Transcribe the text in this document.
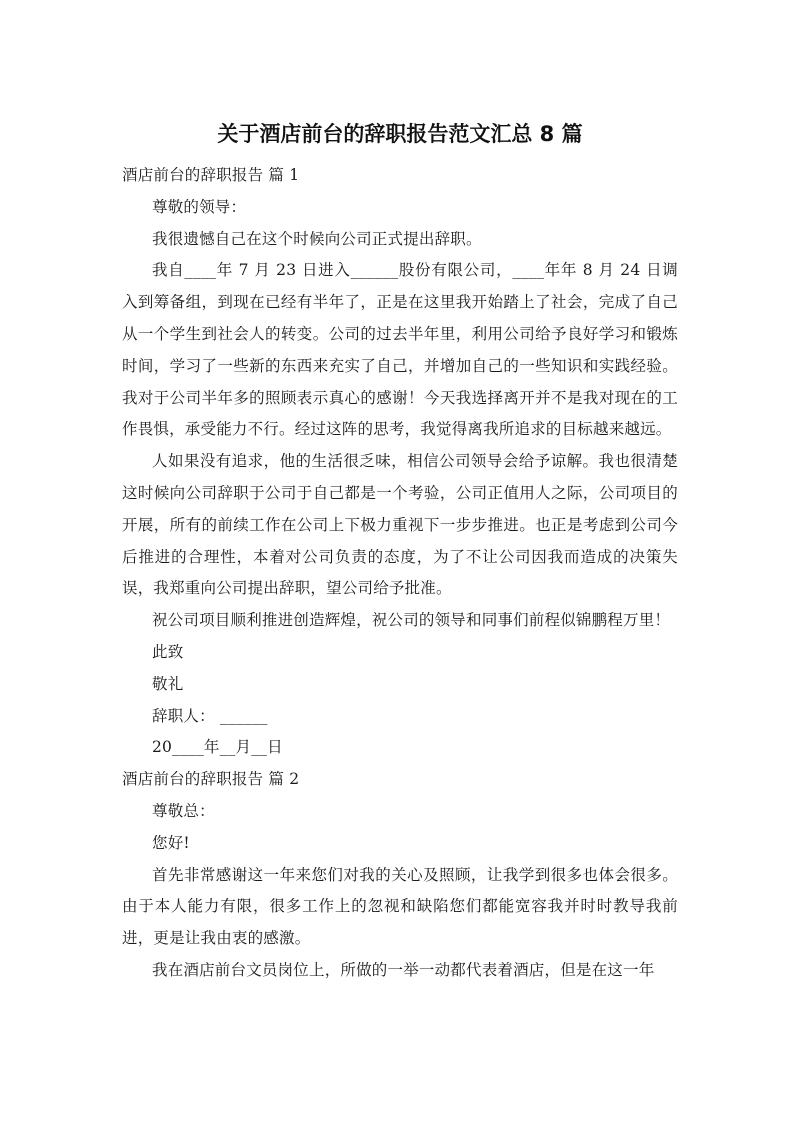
关于酒店前台的辞职报告范文汇总 8 篇

酒店前台的辞职报告 篇 1

尊敬的领导：

我很遗憾自己在这个时候向公司正式提出辞职。

我自____年 7 月 23 日进入______股份有限公司，____年年 8 月 24 日调入到筹备组，到现在已经有半年了，正是在这里我开始踏上了社会，完成了自己从一个学生到社会人的转变。公司的过去半年里，利用公司给予良好学习和锻炼时间，学习了一些新的东西来充实了自己，并增加自己的一些知识和实践经验。我对于公司半年多的照顾表示真心的感谢！今天我选择离开并不是我对现在的工作畏惧，承受能力不行。经过这阵的思考，我觉得离我所追求的目标越来越远。

人如果没有追求，他的生活很乏味，相信公司领导会给予谅解。我也很清楚这时候向公司辞职于公司于自己都是一个考验，公司正值用人之际，公司项目的开展，所有的前续工作在公司上下极力重视下一步步推进。也正是考虑到公司今后推进的合理性，本着对公司负责的态度，为了不让公司因我而造成的决策失误，我郑重向公司提出辞职，望公司给予批准。

祝公司项目顺利推进创造辉煌，祝公司的领导和同事们前程似锦鹏程万里！

此致

敬礼

辞职人： ______

20____年__月__日

酒店前台的辞职报告 篇 2

尊敬总：

您好!

首先非常感谢这一年来您们对我的关心及照顾，让我学到很多也体会很多。由于本人能力有限，很多工作上的忽视和缺陷您们都能宽容我并时时教导我前进，更是让我由衷的感激。

我在酒店前台文员岗位上，所做的一举一动都代表着酒店，但是在这一年
